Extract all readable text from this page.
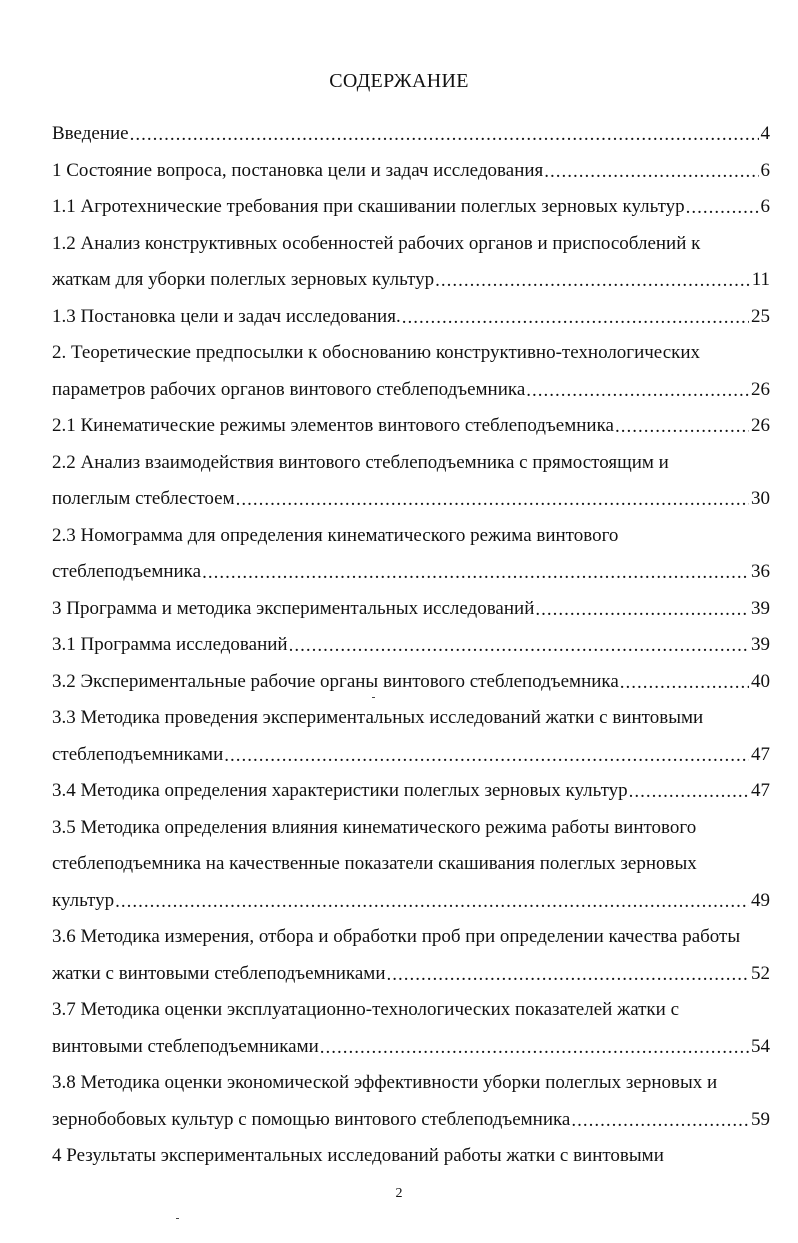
СОДЕРЖАНИЕ
Введение .....	4
1 Состояние вопроса, постановка цели и задач исследования .....	6
1.1 Агротехнические требования при скашивании полеглых зерновых культур .....	6
1.2 Анализ конструктивных особенностей рабочих органов и приспособлений к
жаткам для уборки полеглых зерновых культур .....	11
1.3 Постановка цели и задач исследования. .....	25
2. Теоретические предпосылки к обоснованию конструктивно-технологических
параметров рабочих органов винтового стеблеподъемника .....	26
2.1 Кинематические режимы элементов винтового стеблеподъемника .....	26
2.2 Анализ взаимодействия винтового стеблеподъемника с прямостоящим и
полеглым стеблестоем .....	30
2.3 Номограмма для определения кинематического режима винтового
стеблеподъемника .....	36
3 Программа и методика экспериментальных исследований .....	39
3.1 Программа исследований .....	39
3.2 Экспериментальные рабочие органы винтового стеблеподъемника .....	40
3.3 Методика проведения экспериментальных исследований жатки с винтовыми
стеблеподъемниками .....	47
3.4 Методика определения характеристики полеглых зерновых культур .....	47
3.5 Методика определения влияния кинематического режима работы винтового
стеблеподъемника на качественные показатели скашивания полеглых зерновых
культур .....	49
3.6 Методика измерения, отбора и обработки проб при определении качества работы
жатки с винтовыми стеблеподъемниками .....	52
3.7 Методика оценки эксплуатационно-технологических показателей жатки с
винтовыми стеблеподъемниками .....	54
3.8 Методика оценки экономической эффективности уборки полеглых зерновых и
зернобобовых культур с помощью винтового стеблеподъемника .....	59
4 Результаты экспериментальных исследований работы жатки с винтовыми
2
